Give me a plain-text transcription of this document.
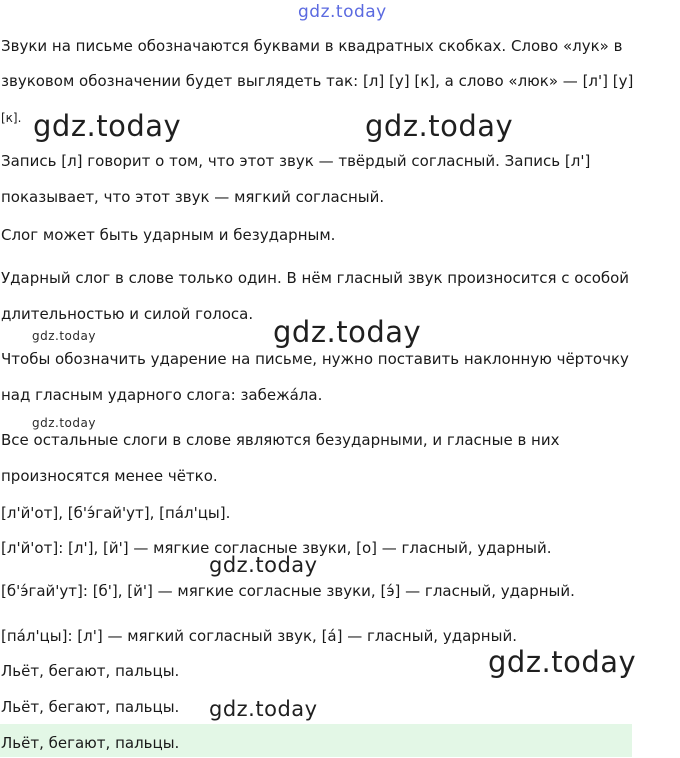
gdz.today

Звуки на письме обозначаются буквами в квадратных скобках. Слово «лук» в

звуковом обозначении будет выглядеть так: [л] [у] [к], а слово «люк» — [л'] [у]

[к].

Запись [л] говорит о том, что этот звук — твёрдый согласный. Запись [л']

показывает, что этот звук — мягкий согласный.

Слог может быть ударным и безударным.

Ударный слог в слове только один. В нём гласный звук произносится с особой

длительностью и силой голоса.

Чтобы обозначить ударение на письме, нужно поставить наклонную чёрточку

над гласным ударного слога: забежáла.

Все остальные слоги в слове являются безударными, и гласные в них

произносятся менее чётко.

[л'й'от], [б'э́гай'ут], [пáл'цы].

[л'й'от]: [л'], [й'] — мягкие согласные звуки, [о] — гласный, ударный.

[б'э́гай'ут]: [б'], [й'] — мягкие согласные звуки, [э́] — гласный, ударный.

[пáл'цы]: [л'] — мягкий согласный звук, [á] — гласный, ударный.

Льёт, бегают, пальцы.

Льёт, бегают, пальцы.

Льёт, бегают, пальцы.

gdz.today	gdz.today
gdz.today
gdz.today
gdz.today
gdz.today
gdz.today
gdz.today
